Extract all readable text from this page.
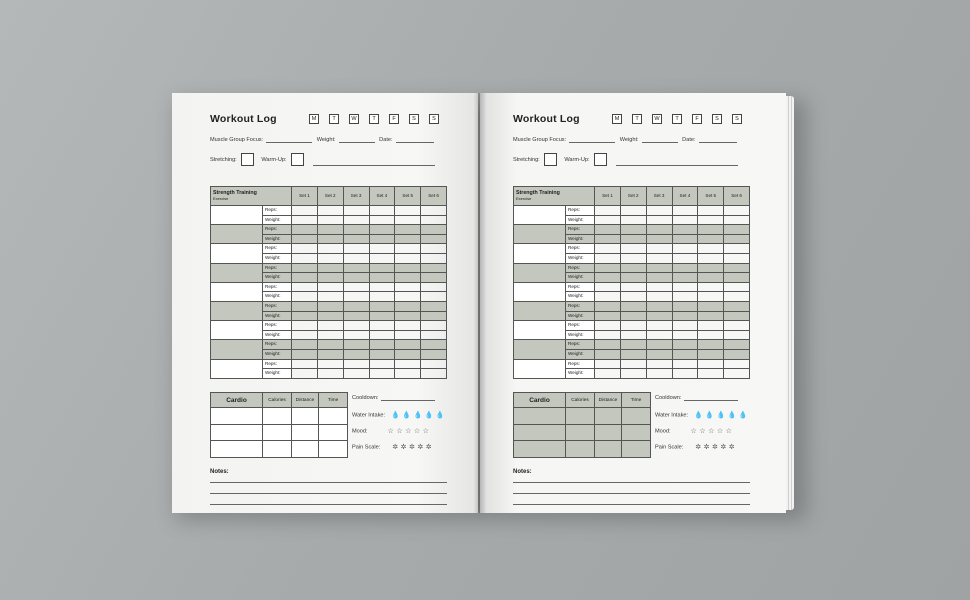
Workout Log	M	T	W	T	F	S	S
Muscle Group Focus:	Weight:	Date:
Stretching:	Warm-Up:
Strength Training
Exercise		Set 1	Set 2	Set 3	Set 4	Set 5	Set 6
	Reps:						
	Weight:						
	Reps:						
	Weight:						
	Reps:						
	Weight:						
	Reps:						
	Weight:						
	Reps:						
	Weight:						
	Reps:						
	Weight:						
	Reps:						
	Weight:						
	Reps:						
	Weight:						
	Reps:						
	Weight:						
Cardio	Calories	Distance	Time

			Cooldown:
Water Intake: 💧💧💧💧💧
Mood:	☆☆☆☆☆
Pain Scale: ✲✲✲✲✲
Notes:
Workout Log	M	T	W	T	F	S	S
Muscle Group Focus:	Weight:	Date:
Stretching:	Warm-Up:
Strength Training
Exercise		Set 1	Set 2	Set 3	Set 4	Set 5	Set 6
	Reps:						
	Weight:						
	Reps:						
	Weight:						
	Reps:						
	Weight:						
	Reps:						
	Weight:						
	Reps:						
	Weight:						
	Reps:						
	Weight:						
	Reps:						
	Weight:						
	Reps:						
	Weight:						
	Reps:						
	Weight:						
Cardio	Calories	Distance	Time

			Cooldown:
Water Intake: 💧💧💧💧💧
Mood:	☆☆☆☆☆
Pain Scale: ✲✲✲✲✲
Notes:
